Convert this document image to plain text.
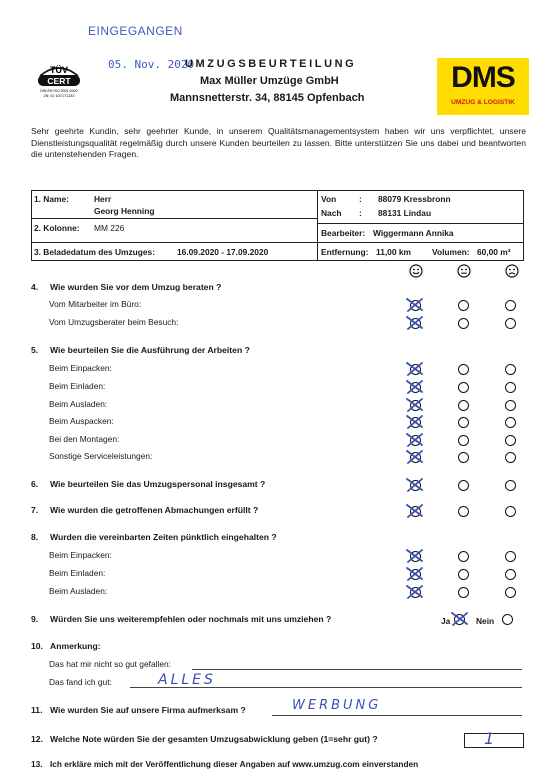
EINGEGANGEN
05. Nov. 2020
TÜV
CERT
DIN EN ISO 9001:2000
ZN: 01 100 071243
UMZUGSBEURTEILUNG
Max Müller Umzüge GmbH
Mannsnetterstr. 34, 88145 Opfenbach
DMS
UMZUG & LOGISTIK
Sehr geehrte Kundin, sehr geehrter Kunde, in unserem Qualitätsmanagementsystem haben wir uns verpflichtet, unsere Dienstleistungsqualität regelmäßig durch unsere Kunden beurteilen zu lassen. Bitte unterstützen Sie uns dabei und beantworten die untenstehenden Fragen.
1. Name:	Herr
Georg Henning
2. Kolonne: MM 226
3. Beladedatum des Umzuges:	16.09.2020 - 17.09.2020
Von	: 88079 Kressbronn
Nach : 88131 Lindau
Bearbeiter: Wiggermann Annika
Entfernung: 11,00 km	Volumen: 60,00 m³
4. Wie wurden Sie vor dem Umzug beraten ?
Vom Mitarbeiter im Büro:
Vom Umzugsberater beim Besuch:
5. Wie beurteilen Sie die Ausführung der Arbeiten ?
Beim Einpacken:
Beim Einladen:
Beim Ausladen:
Beim Auspacken:
Bei den Montagen:
Sonstige Serviceleistungen:
6. Wie beurteilen Sie das Umzugspersonal insgesamt ?
7. Wie wurden die getroffenen Abmachungen erfüllt ?
8. Wurden die vereinbarten Zeiten pünktlich eingehalten ?
Beim Einpacken:
Beim Einladen:
Beim Ausladen:
9. Würden Sie uns weiterempfehlen oder nochmals mit uns umziehen ?	Ja	Nein
10. Anmerkung:
Das hat mir nicht so gut gefallen:
Das fand ich gut:	ALLES
11. Wie wurden Sie auf unsere Firma aufmerksam ?	WERBUNG
12. Welche Note würden Sie der gesamten Umzugsabwicklung geben (1=sehr gut) ?	1
13. Ich erkläre mich mit der Veröffentlichung dieser Angaben auf www.umzug.com einverstanden
